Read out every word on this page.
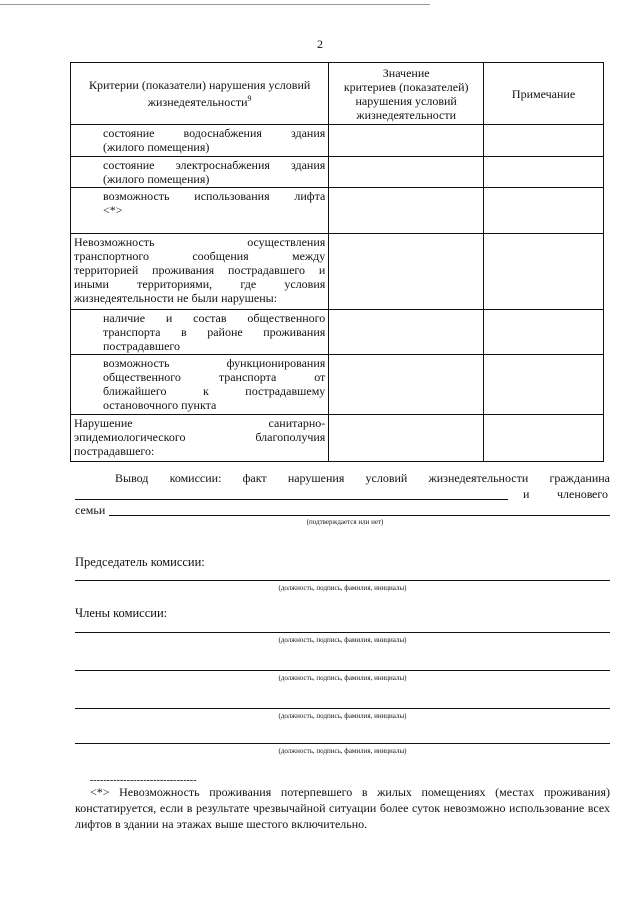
2
Критерии (показатели) нарушения условий жизнедеятельности$^9$	Значение
критериев (показателей)
нарушения условий
жизнедеятельности	Примечание

состояние водоснабжения здания
(жилого помещения)		

состояние электроснабжения здания
(жилого помещения)		

возможность использования лифта
<*>		

Невозможность осуществления
транспортного сообщения между
территорией проживания пострадавшего и
иными территориями, где условия
жизнедеятельности не были нарушены:		

наличие и состав общественного
транспорта в районе проживания
пострадавшего		

возможность функционирования
общественного транспорта от
ближайшего к пострадавшему
остановочного пункта		

Нарушение санитарно-
эпидемиологического благополучия
пострадавшего:		

Вывод комиссии: факт нарушения условий жизнедеятельности гражданина
и членов его
семьи
(подтверждается или нет)
Председатель комиссии:
(должность, подпись, фамилия, инициалы)
Члены комиссии:
(должность, подпись, фамилия, инициалы)
(должность, подпись, фамилия, инициалы)
(должность, подпись, фамилия, инициалы)
(должность, подпись, фамилия, инициалы)
--------------------------------
<*> Невозможность проживания потерпевшего в жилых помещениях (местах проживания) констатируется, если в результате чрезвычайной ситуации более суток невозможно использование всех лифтов в здании на этажах выше шестого включительно.
